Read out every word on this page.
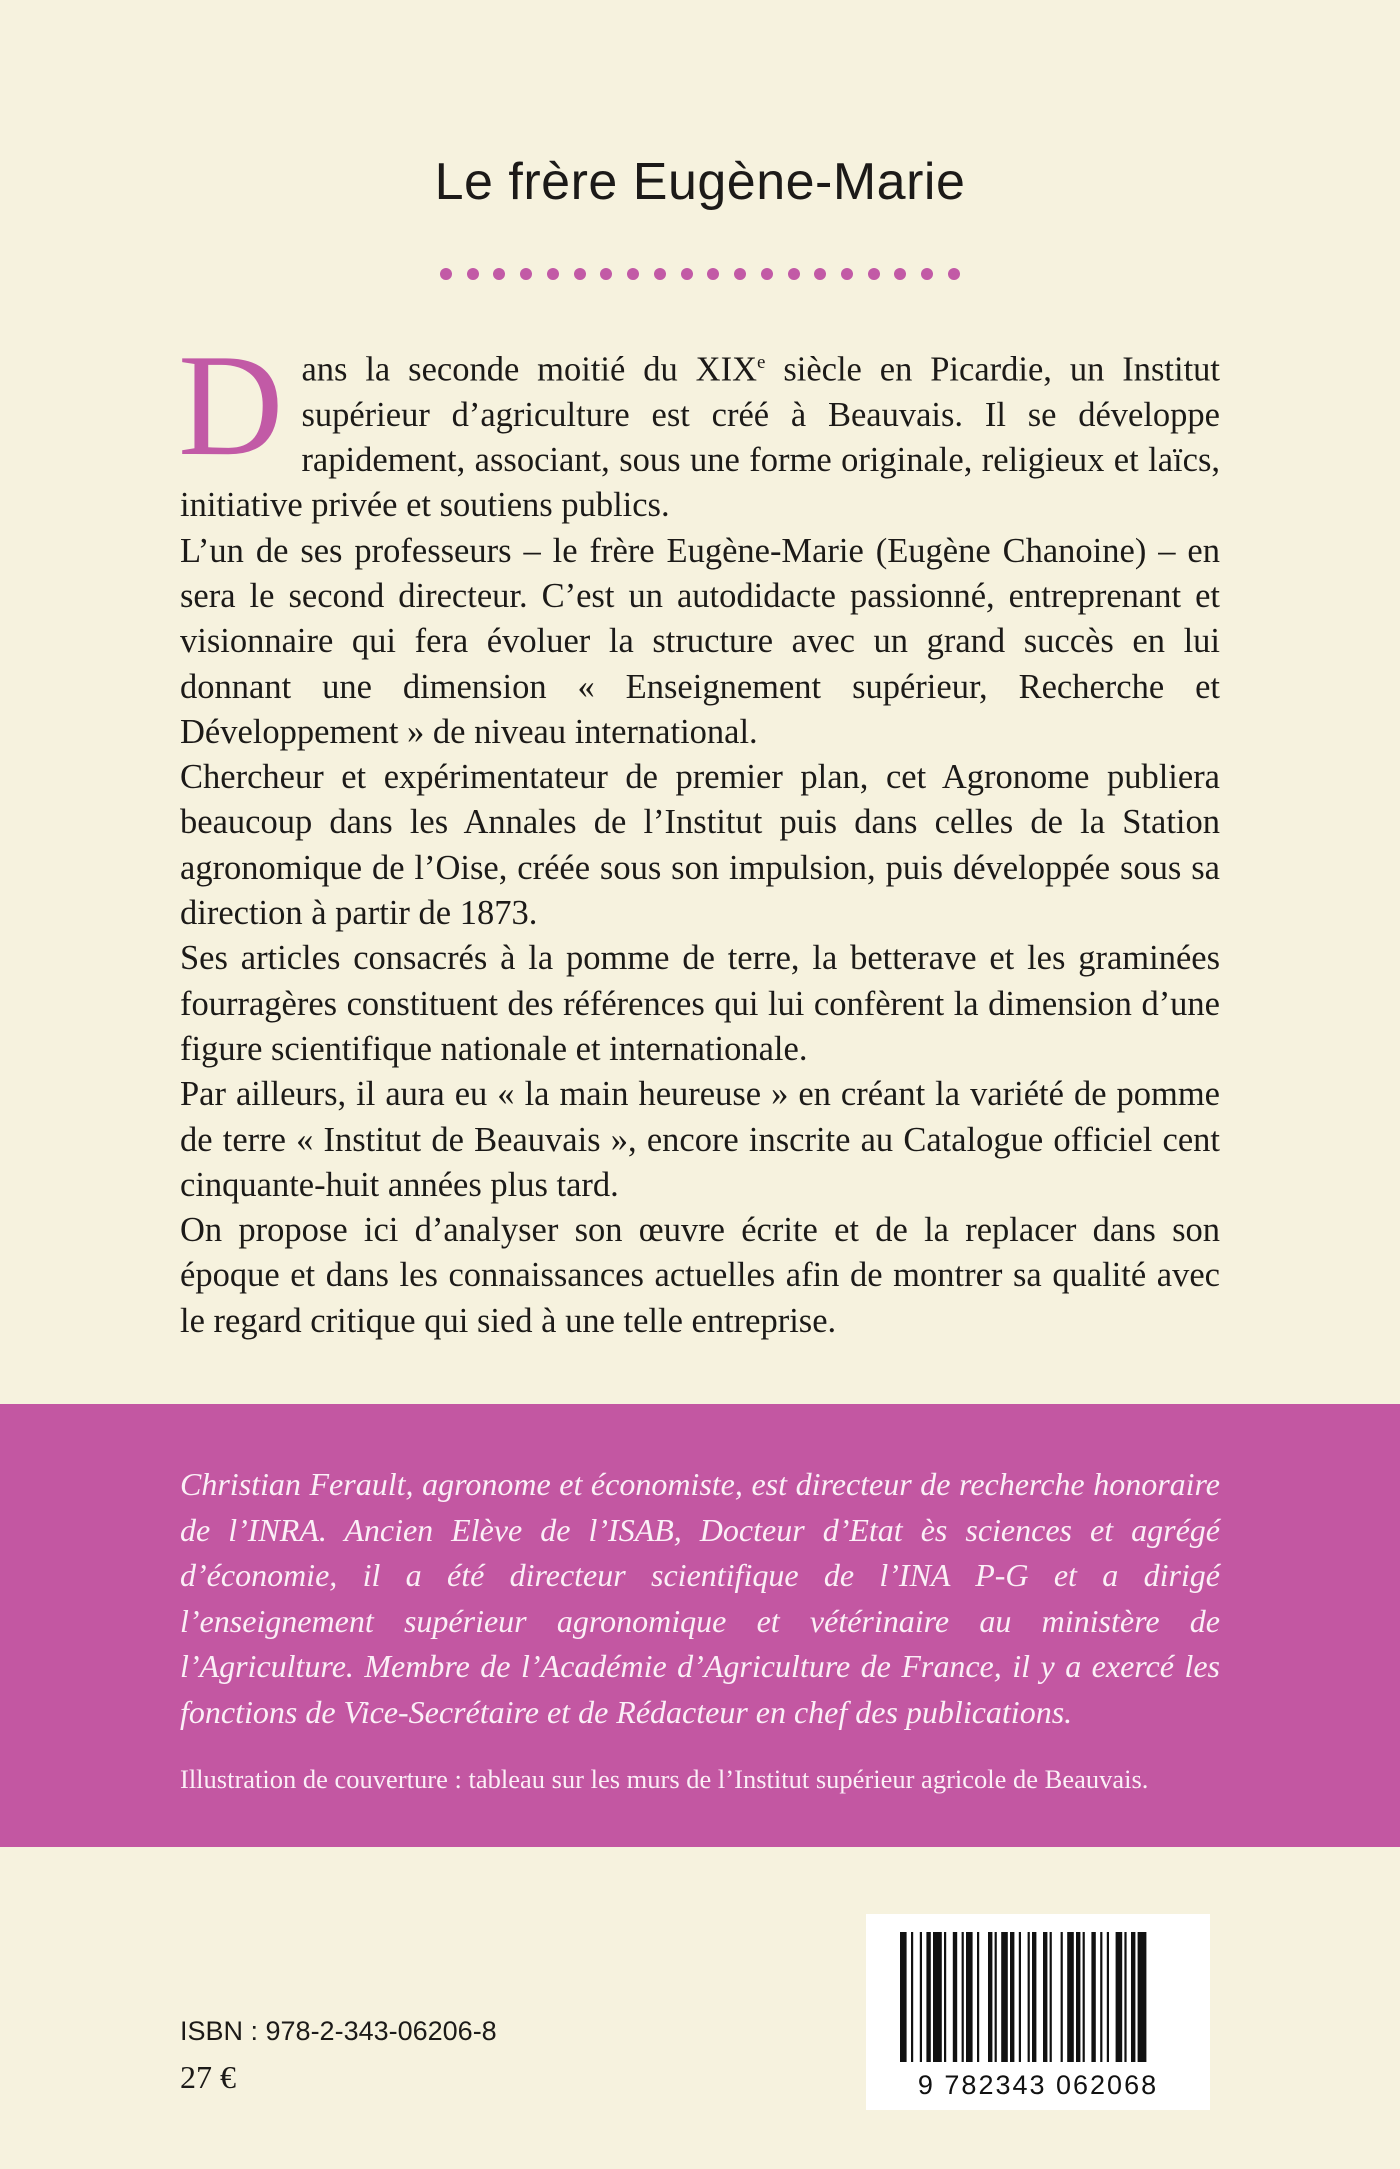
Le frère Eugène-Marie

Dans la seconde moitié du XIXe siècle en Picardie, un Institut supérieur d’agriculture est créé à Beauvais. Il se développe rapidement, associant, sous une forme originale, religieux et laïcs, initiative privée et soutiens publics.

L’un de ses professeurs – le frère Eugène-Marie (Eugène Chanoine) – en sera le second directeur. C’est un autodidacte passionné, entreprenant et visionnaire qui fera évoluer la structure avec un grand succès en lui donnant une dimension « Enseignement supérieur, Recherche et Développement » de niveau international.

Chercheur et expérimentateur de premier plan, cet Agronome publiera beaucoup dans les Annales de l’Institut puis dans celles de la Station agronomique de l’Oise, créée sous son impulsion, puis développée sous sa direction à partir de 1873.

Ses articles consacrés à la pomme de terre, la betterave et les graminées fourragères constituent des références qui lui confèrent la dimension d’une figure scientifique nationale et internationale.

Par ailleurs, il aura eu « la main heureuse » en créant la variété de pomme de terre « Institut de Beauvais », encore inscrite au Catalogue officiel cent cinquante-huit années plus tard.

On propose ici d’analyser son œuvre écrite et de la replacer dans son époque et dans les connaissances actuelles afin de montrer sa qualité avec le regard critique qui sied à une telle entreprise.

Christian Ferault, agronome et économiste, est directeur de recherche honoraire de l’INRA. Ancien Elève de l’ISAB, Docteur d’Etat ès sciences et agrégé d’économie, il a été directeur scientifique de l’INA P-G et a dirigé l’enseignement supérieur agronomique et vétérinaire au ministère de l’Agriculture. Membre de l’Académie d’Agriculture de France, il y a exercé les fonctions de Vice-Secrétaire et de Rédacteur en chef des publications.

Illustration de couverture : tableau sur les murs de l’Institut supérieur agricole de Beauvais.

9 782343 062068
ISBN : 978-2-343-06206-8
27 €
